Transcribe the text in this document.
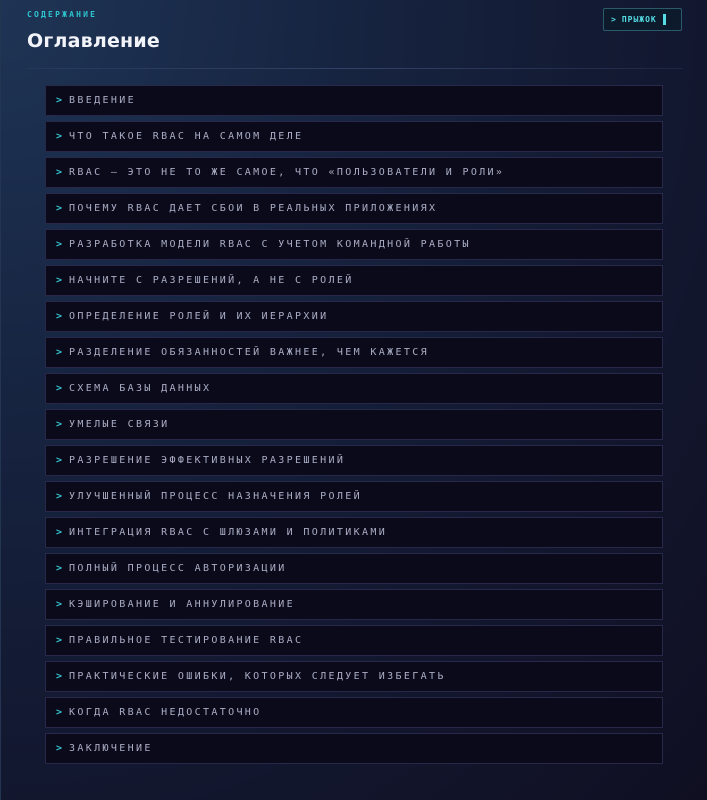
СОДЕРЖАНИЕ
Оглавление
> ПРЫЖОК
> ВВЕДЕНИЕ
> ЧТО ТАКОЕ RBAC НА САМОМ ДЕЛЕ
> RBAC — ЭТО НЕ ТО ЖЕ САМОЕ, ЧТО «ПОЛЬЗОВАТЕЛИ И РОЛИ»
> ПОЧЕМУ RBAC ДАЕТ СБОИ В РЕАЛЬНЫХ ПРИЛОЖЕНИЯХ
> РАЗРАБОТКА МОДЕЛИ RBAC С УЧЕТОМ КОМАНДНОЙ РАБОТЫ
> НАЧНИТЕ С РАЗРЕШЕНИЙ, А НЕ С РОЛЕЙ
> ОПРЕДЕЛЕНИЕ РОЛЕЙ И ИХ ИЕРАРХИИ
> РАЗДЕЛЕНИЕ ОБЯЗАННОСТЕЙ ВАЖНЕЕ, ЧЕМ КАЖЕТСЯ
> СХЕМА БАЗЫ ДАННЫХ
> УМЕЛЫЕ СВЯЗИ
> РАЗРЕШЕНИЕ ЭФФЕКТИВНЫХ РАЗРЕШЕНИЙ
> УЛУЧШЕННЫЙ ПРОЦЕСС НАЗНАЧЕНИЯ РОЛЕЙ
> ИНТЕГРАЦИЯ RBAC С ШЛЮЗАМИ И ПОЛИТИКАМИ
> ПОЛНЫЙ ПРОЦЕСС АВТОРИЗАЦИИ
> КЭШИРОВАНИЕ И АННУЛИРОВАНИЕ
> ПРАВИЛЬНОЕ ТЕСТИРОВАНИЕ RBAC
> ПРАКТИЧЕСКИЕ ОШИБКИ, КОТОРЫХ СЛЕДУЕТ ИЗБЕГАТЬ
> КОГДА RBAC НЕДОСТАТОЧНО
> ЗАКЛЮЧЕНИЕ
